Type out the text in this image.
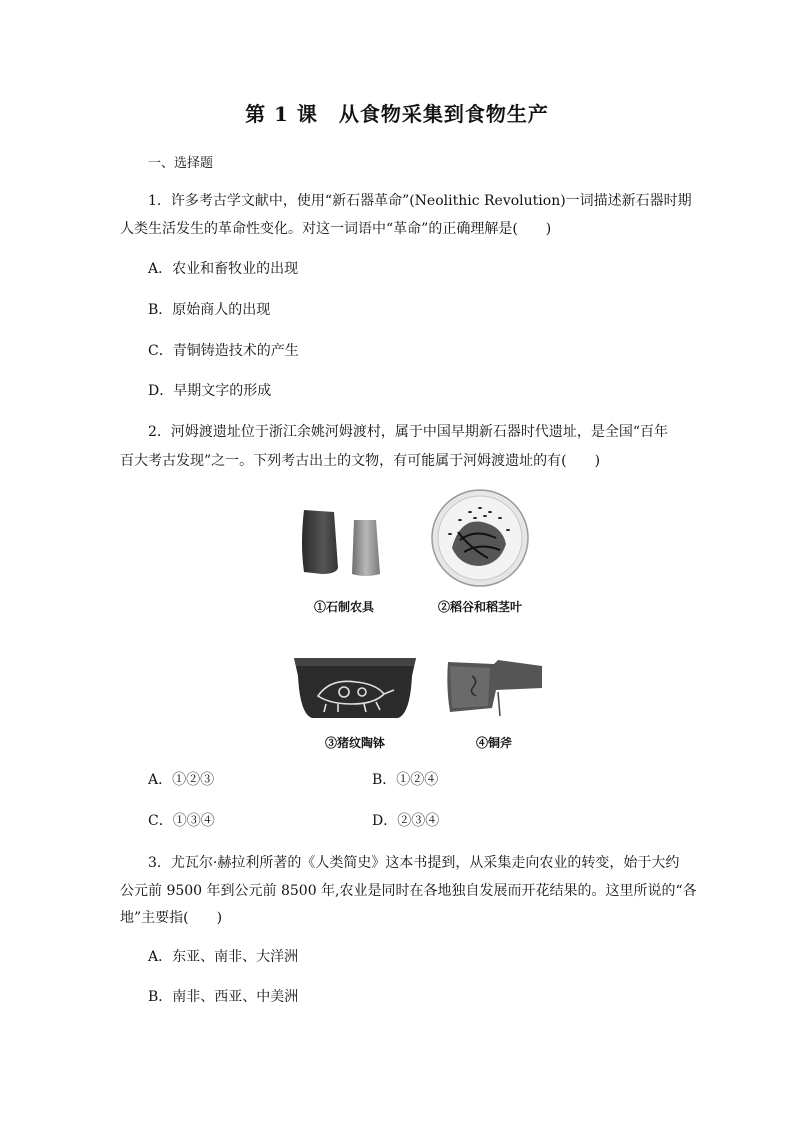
第 1 课　从食物采集到食物生产
一、选择题
1．许多考古学文献中，使用“新石器革命”(Neolithic Revolution)一词描述新石器时期
人类生活发生的革命性变化。对这一词语中“革命”的正确理解是(　　)
A．农业和畜牧业的出现
B．原始商人的出现
C．青铜铸造技术的产生
D．早期文字的形成
2．河姆渡遗址位于浙江余姚河姆渡村，属于中国早期新石器时代遗址，是全国“百年
百大考古发现”之一。下列考古出土的文物，有可能属于河姆渡遗址的有(　　)
①石制农具	②稻谷和稻茎叶
③猪纹陶钵	④铜斧
A．①②③	B．①②④
C．①③④	D．②③④
3．尤瓦尔·赫拉利所著的《人类简史》这本书提到，从采集走向农业的转变，始于大约
公元前 9500 年到公元前 8500 年,农业是同时在各地独自发展而开花结果的。这里所说的“各
地”主要指(　　)
A．东亚、南非、大洋洲
B．南非、西亚、中美洲
